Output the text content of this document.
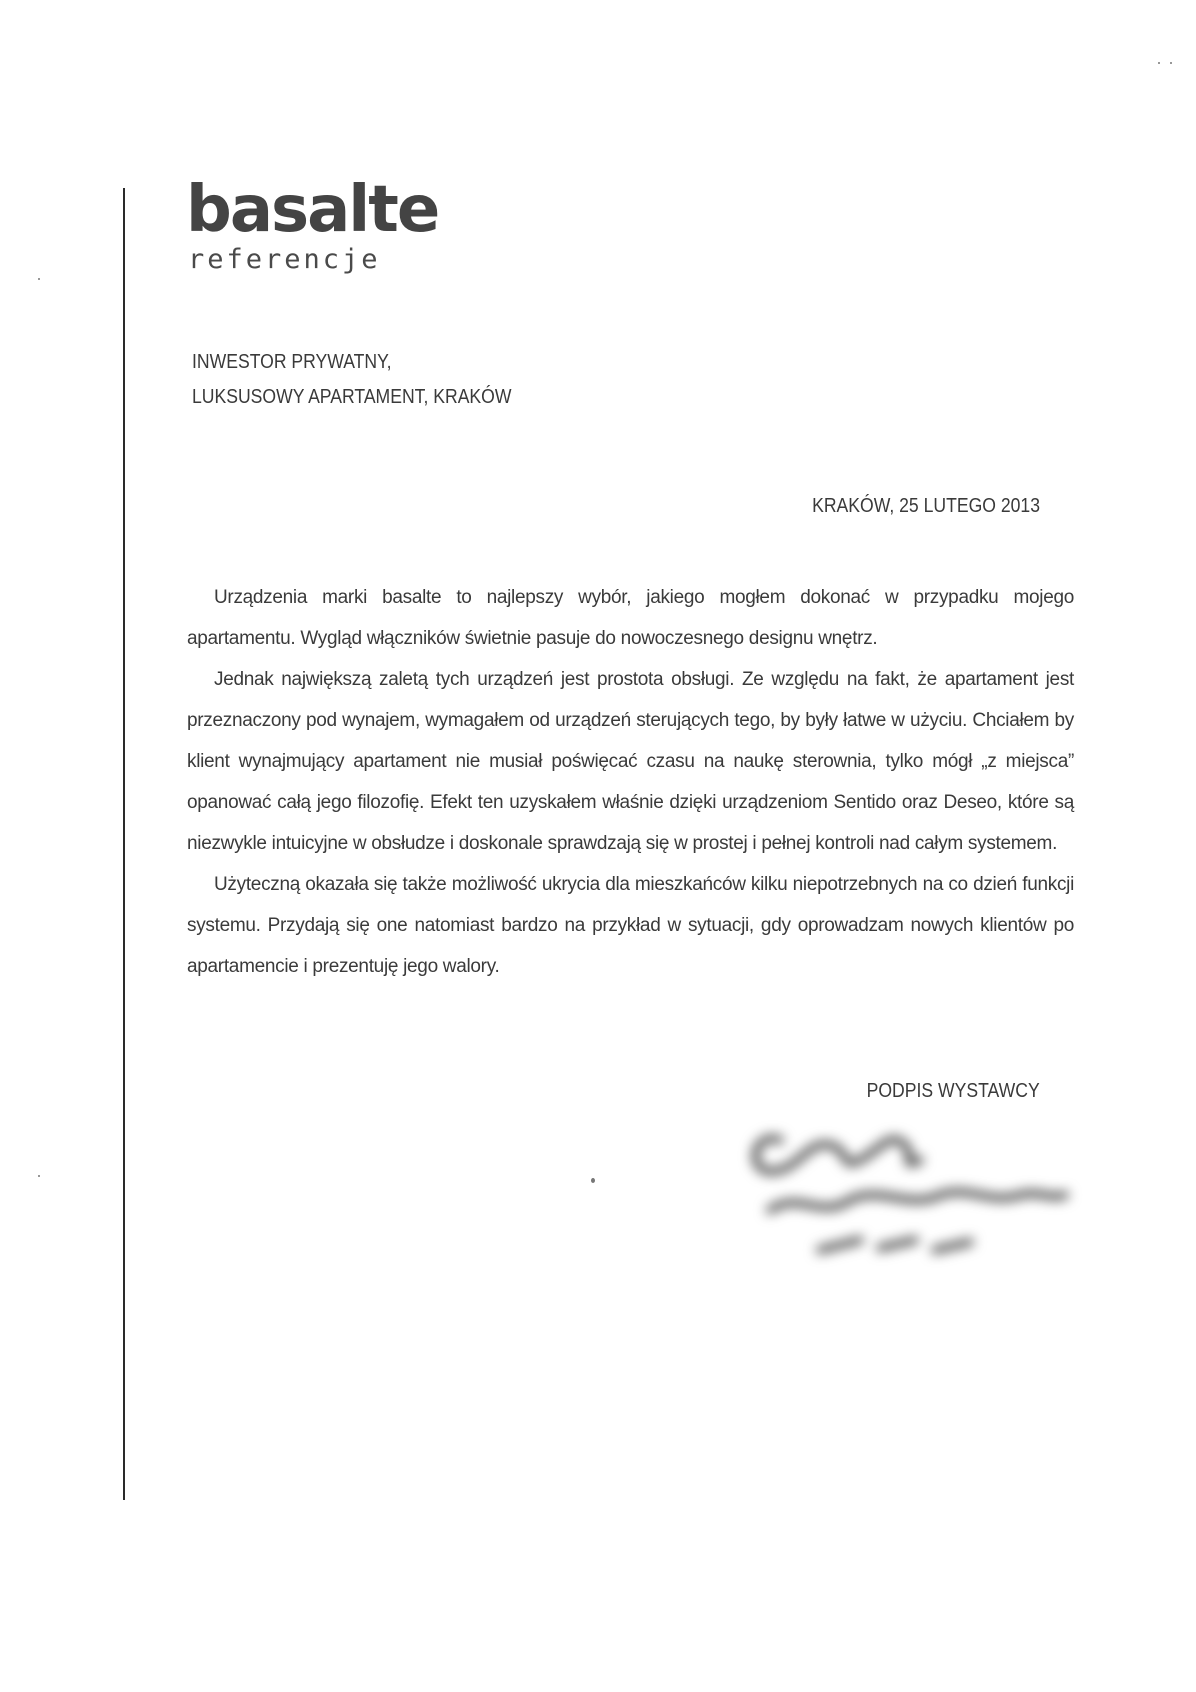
basalte
referencje
INWESTOR PRYWATNY,
LUKSUSOWY APARTAMENT, KRAKÓW
KRAKÓW, 25 LUTEGO 2013

Urządzenia marki basalte to najlepszy wybór, jakiego mogłem dokonać w przypadku mojego apartamentu. Wygląd włączników świetnie pasuje do nowoczesnego designu wnętrz.

Jednak największą zaletą tych urządzeń jest prostota obsługi. Ze względu na fakt, że apartament jest przeznaczony pod wynajem, wymagałem od urządzeń sterujących tego, by były łatwe w użyciu. Chciałem by klient wynajmujący apartament nie musiał poświęcać czasu na naukę sterownia, tylko mógł „z miejsca” opanować całą jego filozofię. Efekt ten uzyskałem właśnie dzięki urządzeniom Sentido oraz Deseo, które są niezwykle intuicyjne w obsłudze i doskonale sprawdzają się w prostej i pełnej kontroli nad całym systemem.

Użyteczną okazała się także możliwość ukrycia dla mieszkańców kilku niepotrzebnych na co dzień funkcji systemu. Przydają się one natomiast bardzo na przykład w sytuacji, gdy oprowadzam nowych klientów po apartamencie i prezentuję jego walory.

PODPIS WYSTAWCY
